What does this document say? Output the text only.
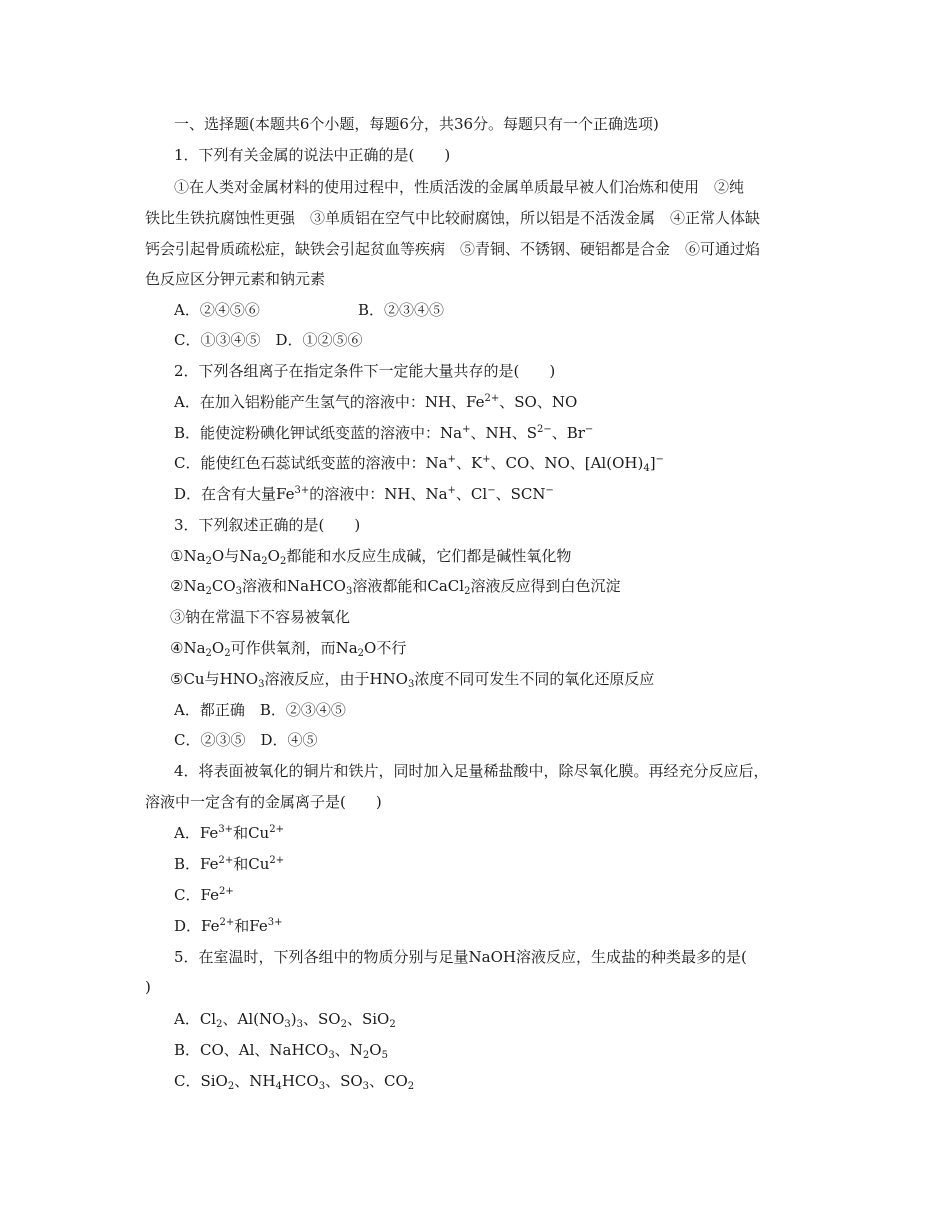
一、选择题(本题共6个小题，每题6分，共36分。每题只有一个正确选项)
1．下列有关金属的说法中正确的是(　　)
①在人类对金属材料的使用过程中，性质活泼的金属单质最早被人们冶炼和使用　②纯
铁比生铁抗腐蚀性更强　③单质铝在空气中比较耐腐蚀，所以铝是不活泼金属　④正常人体缺
钙会引起骨质疏松症，缺铁会引起贫血等疾病　⑤青铜、不锈钢、硬铝都是合金　⑥可通过焰
色反应区分钾元素和钠元素
A．②④⑤⑥	B．②③④⑤
C．①③④⑤　 D．①②⑤⑥
2．下列各组离子在指定条件下一定能大量共存的是(　　)
A．在加入铝粉能产生氢气的溶液中：NH、$Fe^{2+}$、SO、NO
B．能使淀粉碘化钾试纸变蓝的溶液中：Na+、NH、$S^{2-}$、Br−
C．能使红色石蕊试纸变蓝的溶液中：Na+、K+、CO、NO、$[Al(OH)_4]^-$
D．在含有大量$Fe^{3+}$的溶液中：NH、Na+、Cl−、SCN−
3．下列叙述正确的是(　　)
$①Na_2O$与$Na_2O_2$都能和水反应生成碱，它们都是碱性氧化物
$②Na_2CO_3$溶液和NaHCO$_3$溶液都能和CaCl$_2$溶液反应得到白色沉淀
③钠在常温下不容易被氧化
$④Na_2O_2$可作供氧剂，而$Na_2O$不行
⑤Cu与$HNO_3$溶液反应，由于$HNO_3$浓度不同可发生不同的氧化还原反应
A．都正确　B．②③④⑤
C．②③⑤　D．④⑤
4．将表面被氧化的铜片和铁片，同时加入足量稀盐酸中，除尽氧化膜。再经充分反应后，
溶液中一定含有的金属离子是(　　)
A．$Fe^{3+}$和$Cu^{2+}$
B．$Fe^{2+}$和$Cu^{2+}$
C．$Fe^{2+}$
D．$Fe^{2+}$和$Fe^{3+}$
5．在室温时，下列各组中的物质分别与足量NaOH溶液反应，生成盐的种类最多的是(
)
A．$Cl_2$、$Al(NO_3)_3$、$SO_2$、SiO$_2$
B．CO、Al、NaHCO$_3$、$N_2O_5$
C．SiO$_2$、$NH_4HCO_3$、$SO_3$、$CO_2$
